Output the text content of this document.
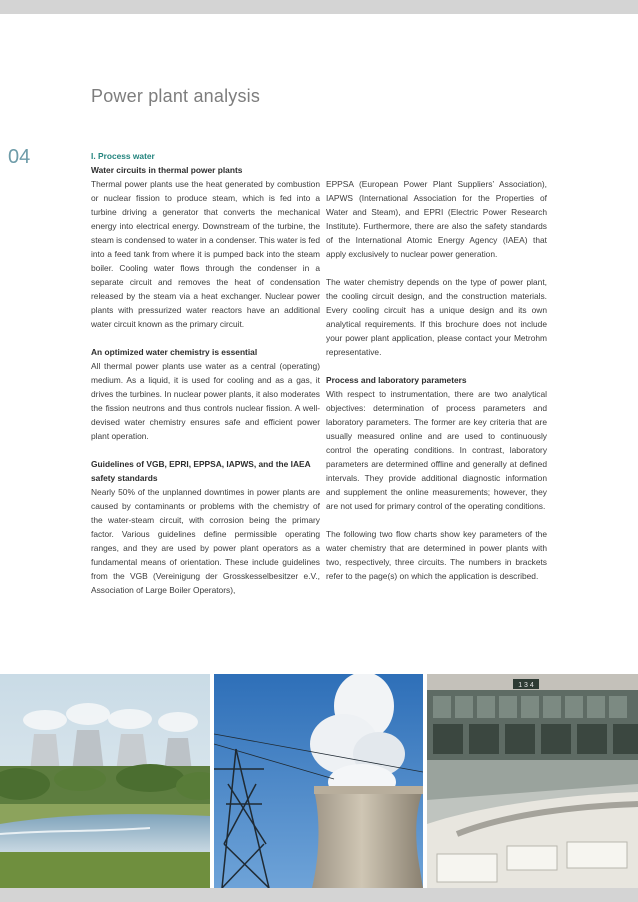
Power plant analysis
04	I. Process water
Water circuits in thermal power plants

Thermal power plants use the heat generated by combustion or nuclear fission to produce steam, which is fed into a turbine driving a generator that converts the mechanical energy into electrical energy. Downstream of the turbine, the steam is condensed to water in a condenser. This water is fed into a feed tank from where it is pumped back into the steam boiler. Cooling water flows through the condenser in a separate circuit and removes the heat of condensation released by the steam via a heat exchanger. Nuclear power plants with pressurized water reactors have an additional water circuit known as the primary circuit.

An optimized water chemistry is essential

All thermal power plants use water as a central (operating) medium. As a liquid, it is used for cooling and as a gas, it drives the turbines. In nuclear power plants, it also moderates the fission neutrons and thus controls nuclear fission. A well-devised water chemistry ensures safe and efficient power plant operation.

Guidelines of VGB, EPRI, EPPSA, IAPWS, and the IAEA safety standards

Nearly 50% of the unplanned downtimes in power plants are caused by contaminants or problems with the chemistry of the water-steam circuit, with corrosion being the primary factor. Various guidelines define permissible operating ranges, and they are used by power plant operators as a fundamental means of orientation. These include guidelines from the VGB (Vereinigung der Grosskesselbesitzer e.V., Association of Large Boiler Operators),

EPPSA (European Power Plant Suppliers’ Association), IAPWS (International Association for the Properties of Water and Steam), and EPRI (Electric Power Research Institute). Furthermore, there are also the safety standards of the International Atomic Energy Agency (IAEA) that apply exclusively to nuclear power generation.

The water chemistry depends on the type of power plant, the cooling circuit design, and the construction materials. Every cooling circuit has a unique design and its own analytical requirements. If this brochure does not include your power plant application, please contact your Metrohm representative.

Process and laboratory parameters

With respect to instrumentation, there are two analytical objectives: determination of process parameters and laboratory parameters. The former are key criteria that are usually measured online and are used to continuously control the operating conditions. In contrast, laboratory parameters are determined offline and generally at defined intervals. They provide additional diagnostic information and supplement the online measurements; however, they are not used for primary control of the operating conditions.

The following two flow charts show key parameters of the water chemistry that are determined in power plants with two, respectively, three circuits. The numbers in brackets refer to the page(s) on which the application is described.

1 3 4
